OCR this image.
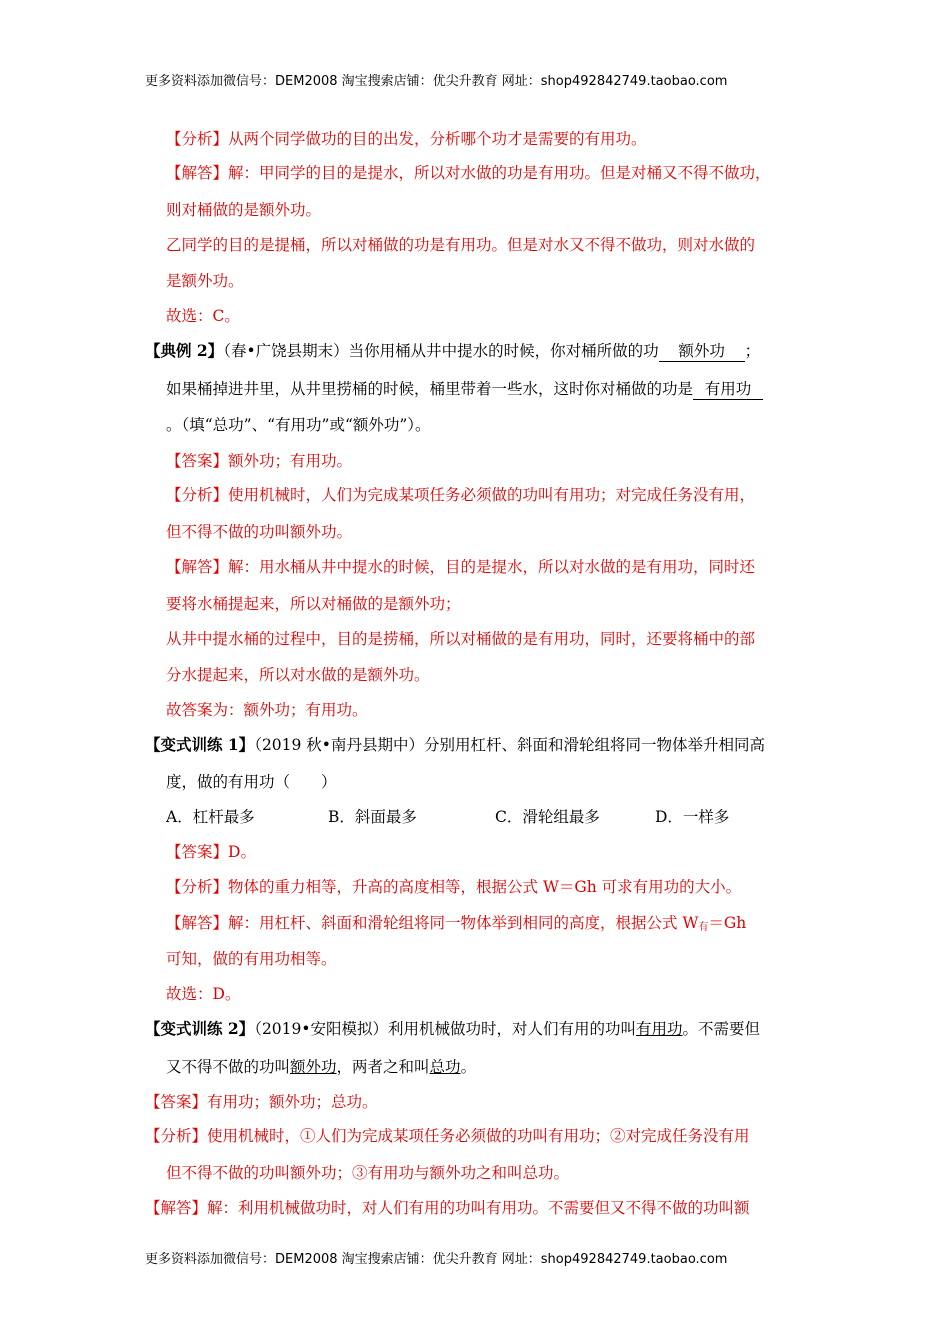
更多资料添加微信号：DEM2008 淘宝搜索店铺：优尖升教育 网址：shop492842749.taobao.com
【分析】从两个同学做功的目的出发，分析哪个功才是需要的有用功。
【解答】解：甲同学的目的是提水，所以对水做的功是有用功。但是对桶又不得不做功，
则对桶做的是额外功。
乙同学的目的是提桶，所以对桶做的功是有用功。但是对水又不得不做功，则对水做的
是额外功。
故选：C。
【典例 2】（春•广饶县期末）当你用桶从井中提水的时候，你对桶所做的功 额外功 ；
如果桶掉进井里，从井里捞桶的时候，桶里带着一些水，这时你对桶做的功是 有用功
。（填“总功”、“有用功”或“额外功”）。
【答案】额外功；有用功。
【分析】使用机械时，人们为完成某项任务必须做的功叫有用功；对完成任务没有用，
但不得不做的功叫额外功。
【解答】解：用水桶从井中提水的时候，目的是提水，所以对水做的是有用功，同时还
要将水桶提起来，所以对桶做的是额外功；
从井中提水桶的过程中，目的是捞桶，所以对桶做的是有用功，同时，还要将桶中的部
分水提起来，所以对水做的是额外功。
故答案为：额外功；有用功。
【变式训练 1】（2019 秋•南丹县期中）分别用杠杆、斜面和滑轮组将同一物体举升相同高
度，做的有用功（　　）
A．杠杆最多	B．斜面最多	C．滑轮组最多	D．一样多
【答案】D。
【分析】物体的重力相等，升高的高度相等，根据公式 W＝Gh 可求有用功的大小。
【解答】解：用杠杆、斜面和滑轮组将同一物体举到相同的高度，根据公式 $W_有=Gh$
可知，做的有用功相等。
故选：D。
【变式训练 2】（2019•安阳模拟）利用机械做功时，对人们有用的功叫有用功。不需要但
又不得不做的功叫额外功，两者之和叫总功。
【答案】有用功；额外功；总功。
【分析】使用机械时，①人们为完成某项任务必须做的功叫有用功；②对完成任务没有用
但不得不做的功叫额外功；③有用功与额外功之和叫总功。
【解答】解：利用机械做功时，对人们有用的功叫有用功。不需要但又不得不做的功叫额
更多资料添加微信号：DEM2008 淘宝搜索店铺：优尖升教育 网址：shop492842749.taobao.com
